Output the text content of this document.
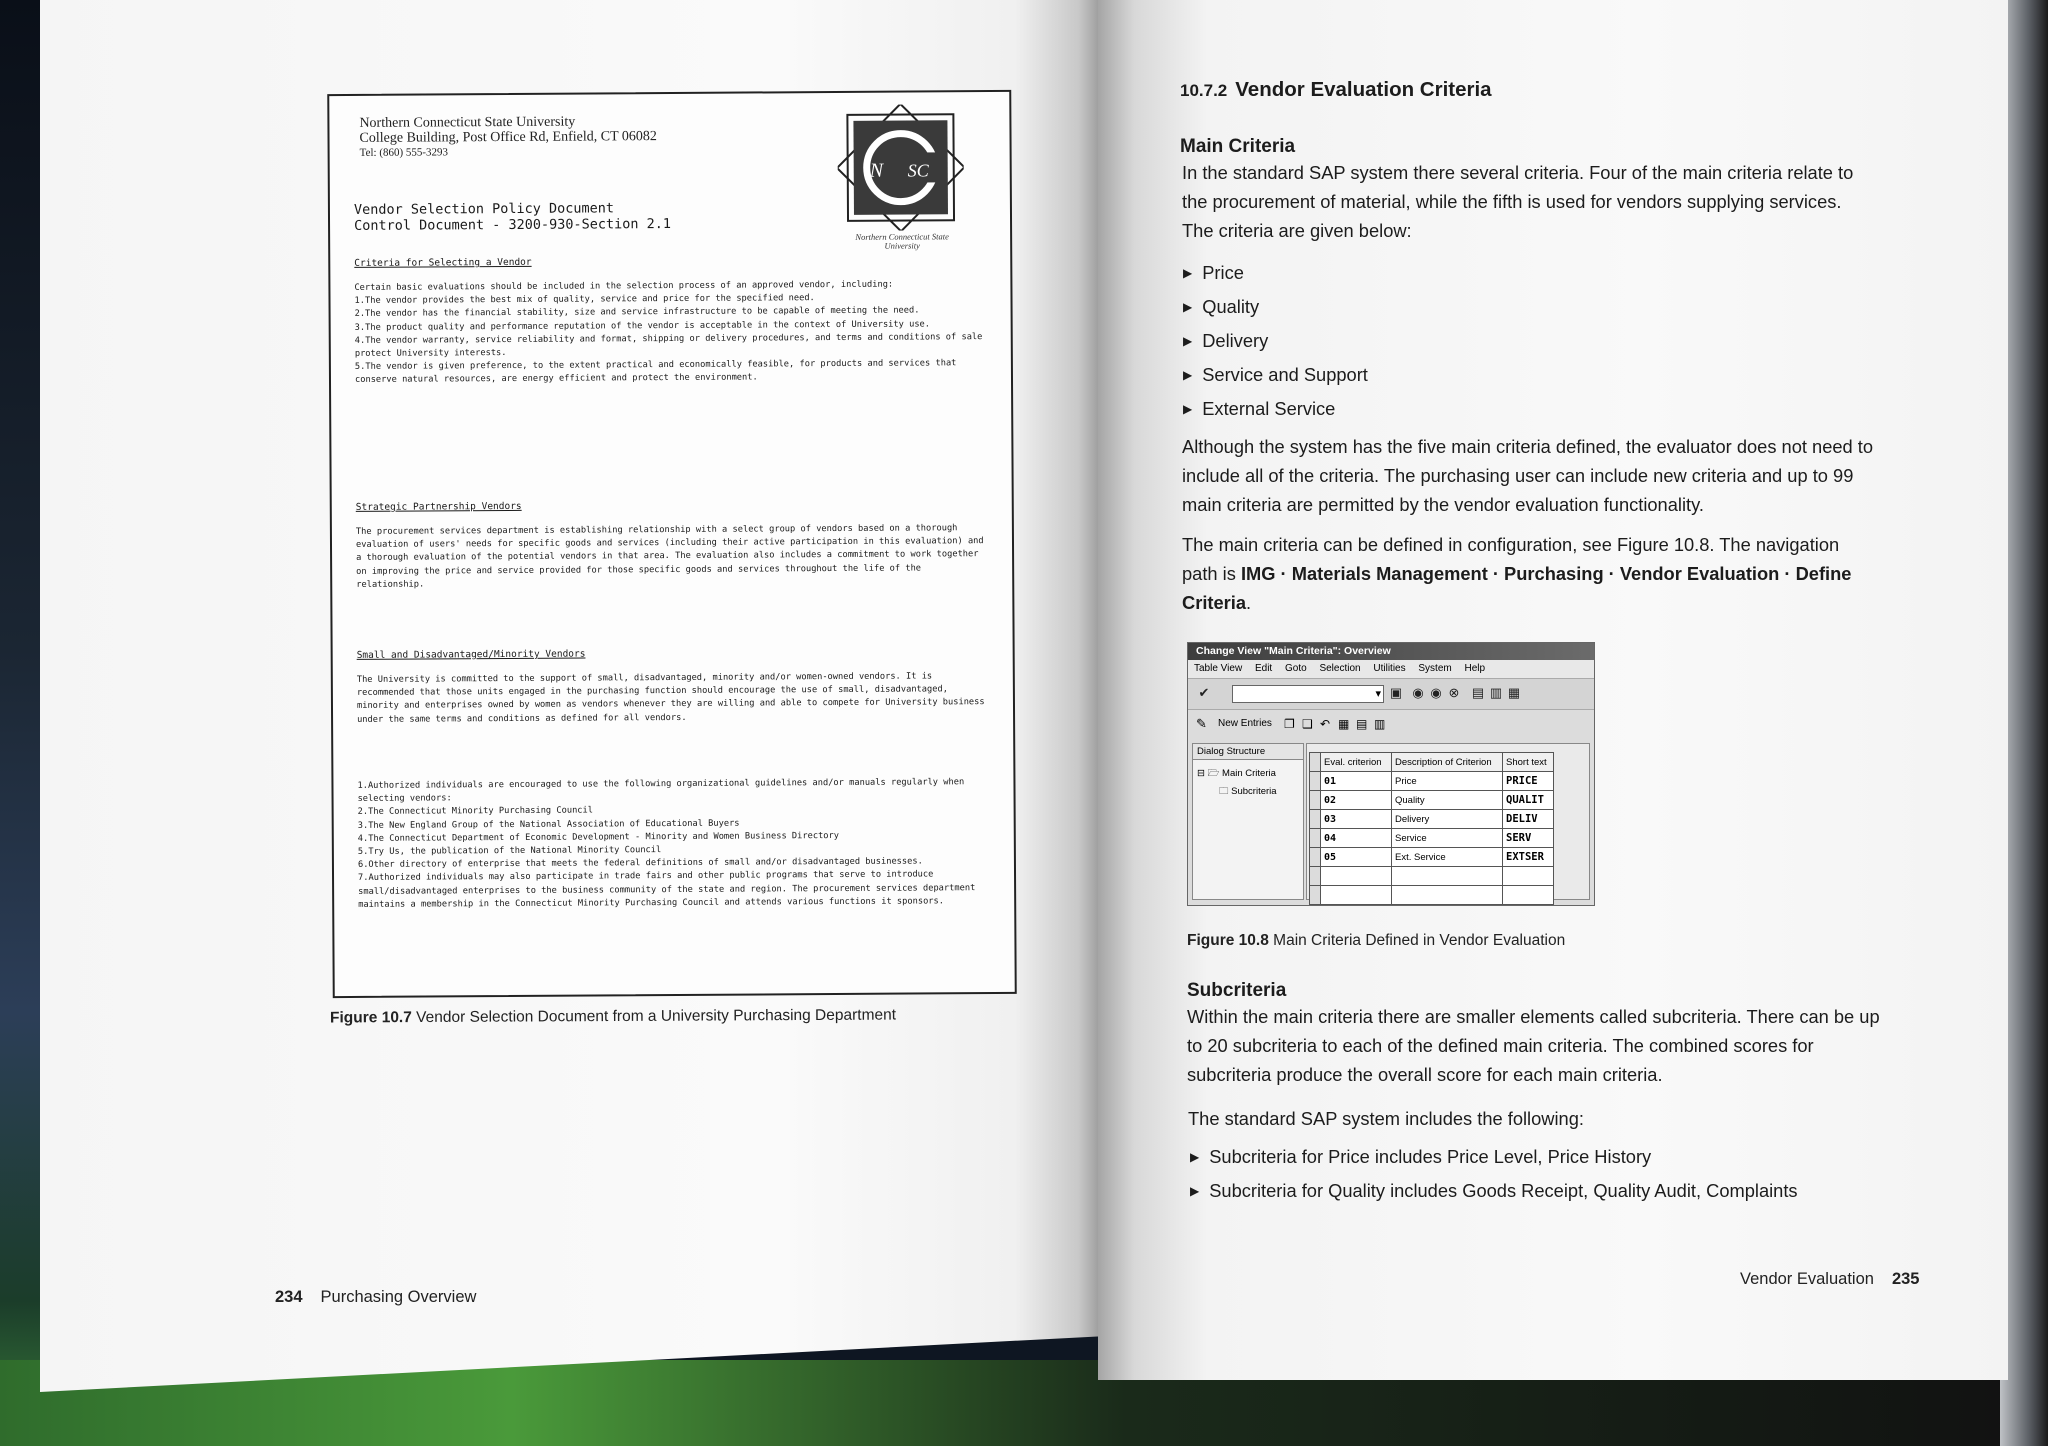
Northern Connecticut State University
College Building, Post Office Rd, Enfield, CT 06082
Tel: (860) 555-3293
Vendor Selection Policy Document
Control Document - 3200-930-Section 2.1
N SC
Northern Connecticut State University
Criteria for Selecting a Vendor
Certain basic evaluations should be included in the selection process of an approved vendor, including:
1.The vendor provides the best mix of quality, service and price for the specified need.
2.The vendor has the financial stability, size and service infrastructure to be capable of meeting the need.
3.The product quality and performance reputation of the vendor is acceptable in the context of University use.
4.The vendor warranty, service reliability and format, shipping or delivery procedures, and terms and conditions of sale protect University interests.
5.The vendor is given preference, to the extent practical and economically feasible, for products and services that conserve natural resources, are energy efficient and protect the environment.
Strategic Partnership Vendors
The procurement services department is establishing relationship with a select group of vendors based on a thorough evaluation of users' needs for specific goods and services (including their active participation in this evaluation) and a thorough evaluation of the potential vendors in that area. The evaluation also includes a commitment to work together on improving the price and service provided for those specific goods and services throughout the life of the relationship.
Small and Disadvantaged/Minority Vendors
The University is committed to the support of small, disadvantaged, minority and/or women-owned vendors. It is recommended that those units engaged in the purchasing function should encourage the use of small, disadvantaged, minority and enterprises owned by women as vendors whenever they are willing and able to compete for University business under the same terms and conditions as defined for all vendors.
1.Authorized individuals are encouraged to use the following organizational guidelines and/or manuals regularly when selecting vendors:
2.The Connecticut Minority Purchasing Council
3.The New England Group of the National Association of Educational Buyers
4.The Connecticut Department of Economic Development - Minority and Women Business Directory
5.Try Us, the publication of the National Minority Council
6.Other directory of enterprise that meets the federal definitions of small and/or disadvantaged businesses.
7.Authorized individuals may also participate in trade fairs and other public programs that serve to introduce small/disadvantaged enterprises to the business community of the state and region. The procurement services department maintains a membership in the Connecticut Minority Purchasing Council and attends various functions it sponsors.
Figure 10.7 Vendor Selection Document from a University Purchasing Department
234 Purchasing Overview
10.7.2 Vendor Evaluation Criteria
Main Criteria
In the standard SAP system there several criteria. Four of the main criteria relate to the procurement of material, while the fifth is used for vendors supplying services. The criteria are given below:
▶ Price
▶ Quality
▶ Delivery
▶ Service and Support
▶ External Service
Although the system has the five main criteria defined, the evaluator does not need to include all of the criteria. The purchasing user can include new criteria and up to 99 main criteria are permitted by the vendor evaluation functionality.
The main criteria can be defined in configuration, see Figure 10.8. The navigation path is IMG · Materials Management · Purchasing · Vendor Evaluation · Define Criteria.
Change View "Main Criteria": Overview
Table View Edit Goto Selection Utilities System Help
✔ ▾	▣ ◉ ◉ ⊗ ▤ ▥ ▦
✎ New Entries ❐ ❑ ↶ ▦ ▤ ▥
Dialog Structure
⊟ 🗁 Main Criteria
🗀 Subcriteria
	Eval. criterion	Description of Criterion	Short text
	01	Price	PRICE
	02	Quality	QUALIT
	03	Delivery	DELIV
	04	Service	SERV
	05	Ext. Service	EXTSER

Figure 10.8 Main Criteria Defined in Vendor Evaluation
Subcriteria
Within the main criteria there are smaller elements called subcriteria. There can be up to 20 subcriteria to each of the defined main criteria. The combined scores for subcriteria produce the overall score for each main criteria.
The standard SAP system includes the following:
▶ Subcriteria for Price includes Price Level, Price History
▶ Subcriteria for Quality includes Goods Receipt, Quality Audit, Complaints
Vendor Evaluation 235
